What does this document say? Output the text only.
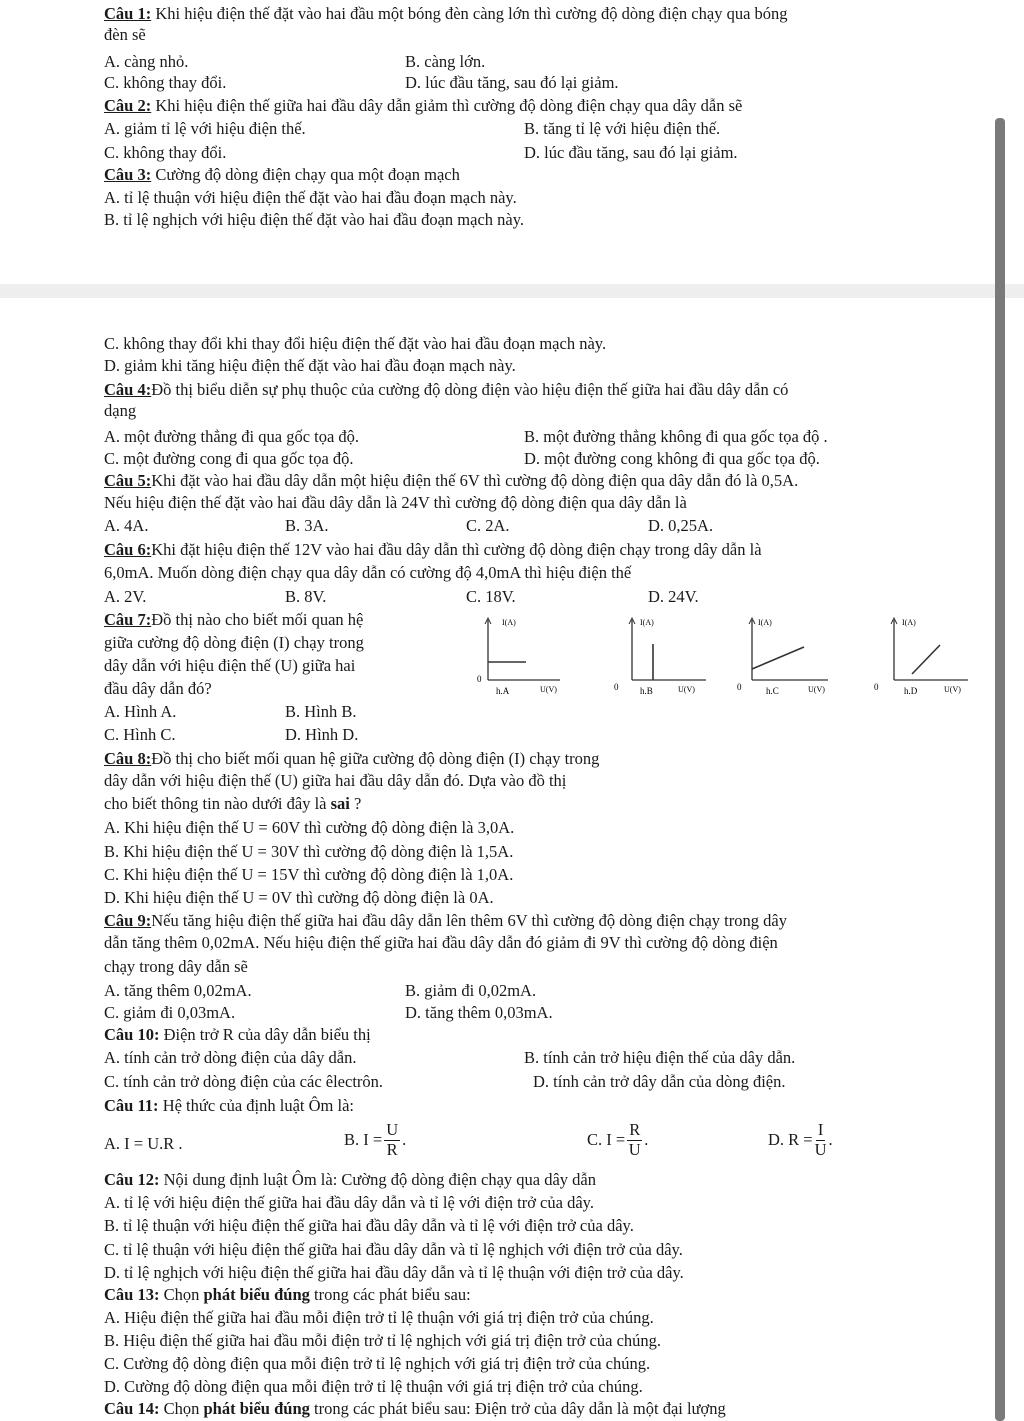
Câu 1: Khi hiệu điện thế đặt vào hai đầu một bóng đèn càng lớn thì cường độ dòng điện chạy qua bóng
đèn sẽ
A. càng nhỏ.	B. càng lớn.
C. không thay đổi.	D. lúc đầu tăng, sau đó lại giảm.
Câu 2: Khi hiệu điện thế giữa hai đầu dây dẫn giảm thì cường độ dòng điện chạy qua dây dẫn sẽ
A. giảm tỉ lệ với hiệu điện thế.	B. tăng tỉ lệ với hiệu điện thế.
C. không thay đổi.	D. lúc đầu tăng, sau đó lại giảm.
Câu 3: Cường độ dòng điện chạy qua một đoạn mạch
A. tỉ lệ thuận với hiệu điện thế đặt vào hai đầu đoạn mạch này.
B. tỉ lệ nghịch với hiệu điện thế đặt vào hai đầu đoạn mạch này.
C. không thay đổi khi thay đổi hiệu điện thế đặt vào hai đầu đoạn mạch này.
D. giảm khi tăng hiệu điện thế đặt vào hai đầu đoạn mạch này.
Câu 4:Đồ thị biểu diễn sự phụ thuộc của cường độ dòng điện vào hiệu điện thế giữa hai đầu dây dẫn có
dạng
A. một đường thẳng đi qua gốc tọa độ.	B. một đường thẳng không đi qua gốc tọa độ .
C. một đường cong đi qua gốc tọa độ.	D. một đường cong không đi qua gốc tọa độ.
Câu 5:Khi đặt vào hai đầu dây dẫn một hiệu điện thế 6V thì cường độ dòng điện qua dây dẫn đó là 0,5A.
Nếu hiệu điện thế đặt vào hai đầu dây dẫn là 24V thì cường độ dòng điện qua dây dẫn là
A. 4A.	B. 3A.	C. 2A.	D. 0,25A.
Câu 6:Khi đặt hiệu điện thế 12V vào hai đầu dây dẫn thì cường độ dòng điện chạy trong dây dẫn là
6,0mA. Muốn dòng điện chạy qua dây dẫn có cường độ 4,0mA thì hiệu điện thế
A. 2V.	B. 8V.	C. 18V.	D. 24V.
Câu 7:Đồ thị nào cho biết mối quan hệ
giữa cường độ dòng điện (I) chạy trong
dây dẫn với hiệu điện thế (U) giữa hai
đầu dây dẫn đó?
A. Hình A.	B. Hình B.
C. Hình C.	D. Hình D.
I(A)
0
h.A	U(V)
I(A)
0 h.B	U(V)
I(A)
0	h.C	U(V)
I(A)
0	h.D	U(V)
Câu 8:Đồ thị cho biết mối quan hệ giữa cường độ dòng điện (I) chạy trong
dây dẫn với hiệu điện thế (U) giữa hai đầu dây dẫn đó. Dựa vào đồ thị
cho biết thông tin nào dưới đây là sai ?
A. Khi hiệu điện thế U = 60V thì cường độ dòng điện là 3,0A.
B. Khi hiệu điện thế U = 30V thì cường độ dòng điện là 1,5A.
C. Khi hiệu điện thế U = 15V thì cường độ dòng điện là 1,0A.
D. Khi hiệu điện thế U = 0V thì cường độ dòng điện là 0A.
Câu 9:Nếu tăng hiệu điện thế giữa hai đầu dây dẫn lên thêm 6V thì cường độ dòng điện chạy trong dây
dẫn tăng thêm 0,02mA. Nếu hiệu điện thế giữa hai đầu dây dẫn đó giảm đi 9V thì cường độ dòng điện
chạy trong dây dẫn sẽ
A. tăng thêm 0,02mA.	B. giảm đi 0,02mA.
C. giảm đi 0,03mA.	D. tăng thêm 0,03mA.
Câu 10: Điện trở R của dây dẫn biểu thị
A. tính cản trở dòng điện của dây dẫn.	B. tính cản trở hiệu điện thế của dây dẫn.
C. tính cản trở dòng điện của các êlectrôn.	D. tính cản trở dây dẫn của dòng điện.
Câu 11: Hệ thức của định luật Ôm là:
A. I = U.R .	B. $I = \frac{U}{R}$ .	C. $I = \frac{R}{U}$ .	D. $R = \frac{I}{U}$ .
Câu 12: Nội dung định luật Ôm là: Cường độ dòng điện chạy qua dây dẫn
A. tỉ lệ với hiệu điện thế giữa hai đầu dây dẫn và tỉ lệ với điện trở của dây.
B. tỉ lệ thuận với hiệu điện thế giữa hai đầu dây dẫn và tỉ lệ với điện trở của dây.
C. tỉ lệ thuận với hiệu điện thế giữa hai đầu dây dẫn và tỉ lệ nghịch với điện trở của dây.
D. tỉ lệ nghịch với hiệu điện thế giữa hai đầu dây dẫn và tỉ lệ thuận với điện trở của dây.
Câu 13: Chọn phát biểu đúng trong các phát biểu sau:
A. Hiệu điện thế giữa hai đầu mỗi điện trở tỉ lệ thuận với giá trị điện trở của chúng.
B. Hiệu điện thế giữa hai đầu mỗi điện trở tỉ lệ nghịch với giá trị điện trở của chúng.
C. Cường độ dòng điện qua mỗi điện trở tỉ lệ nghịch với giá trị điện trở của chúng.
D. Cường độ dòng điện qua mỗi điện trở tỉ lệ thuận với giá trị điện trở của chúng.
Câu 14: Chọn phát biểu đúng trong các phát biểu sau: Điện trở của dây dẫn là một đại lượng
